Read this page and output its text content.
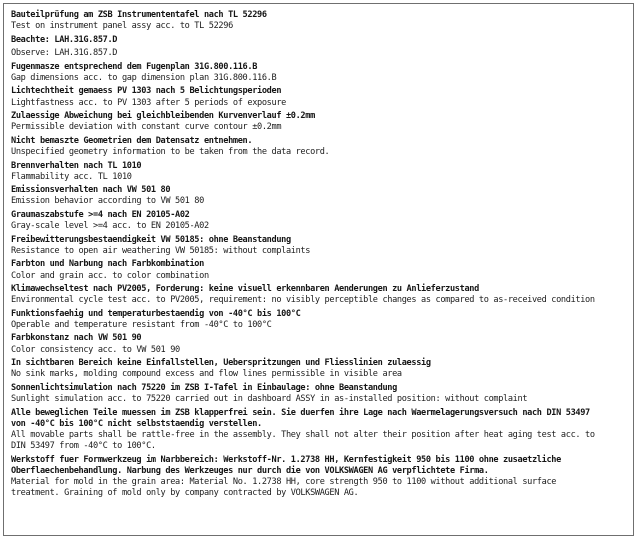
Bauteilprüfung am ZSB Instrumententafel nach TL 52296
Test on instrument panel assy acc. to TL 52296
Beachte: LAH.31G.857.D
Observe: LAH.31G.857.D
Fugenmasze entsprechend dem Fugenplan 31G.800.116.B
Gap dimensions acc. to gap dimension plan 31G.800.116.B
Lichtechtheit gemaess PV 1303 nach 5 Belichtungsperioden
Lightfastness acc. to PV 1303 after 5 periods of exposure
Zulaessige Abweichung bei gleichbleibenden Kurvenverlauf ±0.2mm
Permissible deviation with constant curve contour ±0.2mm
Nicht bemaszte Geometrien dem Datensatz entnehmen.
Unspecified geometry information to be taken from the data record.
Brennverhalten nach TL 1010
Flammability acc. TL 1010
Emissionsverhalten nach VW 501 80
Emission behavior according to VW 501 80
Graumaszabstufe >=4 nach EN 20105-A02
Gray-scale level >=4 acc. to EN 20105-A02
Freibewitterungsbestaendigkeit VW 50185: ohne Beanstandung
Resistance to open air weathering VW 50185: without complaints
Farbton und Narbung nach Farbkombination
Color and grain acc. to color combination
Klimawechseltest nach PV2005, Forderung: keine visuell erkennbaren Aenderungen zu Anlieferzustand
Environmental cycle test acc. to PV2005, requirement: no visibly perceptible changes as compared to as-received condition
Funktionsfaehig und temperaturbestaendig von -40°C bis 100°C
Operable and temperature resistant from -40°C to 100°C
Farbkonstanz nach VW 501 90
Color consistency acc. to VW 501 90
In sichtbaren Bereich keine Einfallstellen, Ueberspritzungen und Fliesslinien zulaessig
No sink marks, molding compound excess and flow lines permissible in visible area
Sonnenlichtsimulation nach 75220 im ZSB I-Tafel in Einbaulage: ohne Beanstandung
Sunlight simulation acc. to 75220 carried out in dashboard ASSY in as-installed position: without complaint
Alle beweglichen Teile muessen im ZSB klapperfrei sein. Sie duerfen ihre Lage nach Waermelagerungsversuch nach DIN 53497
von -40°C bis 100°C nicht selbststaendig verstellen.
All movable parts shall be rattle-free in the assembly. They shall not alter their position after heat aging test acc. to
DIN 53497 from -40°C to 100°C.
Werkstoff fuer Formwerkzeug im Narbbereich: Werkstoff-Nr. 1.2738 HH, Kernfestigkeit 950 bis 1100 ohne zusaetzliche
Oberflaechenbehandlung. Narbung des Werkzeuges nur durch die von VOLKSWAGEN AG verpflichtete Firma.
Material for mold in the grain area: Material No. 1.2738 HH, core strength 950 to 1100 without additional surface
treatment. Graining of mold only by company contracted by VOLKSWAGEN AG.
